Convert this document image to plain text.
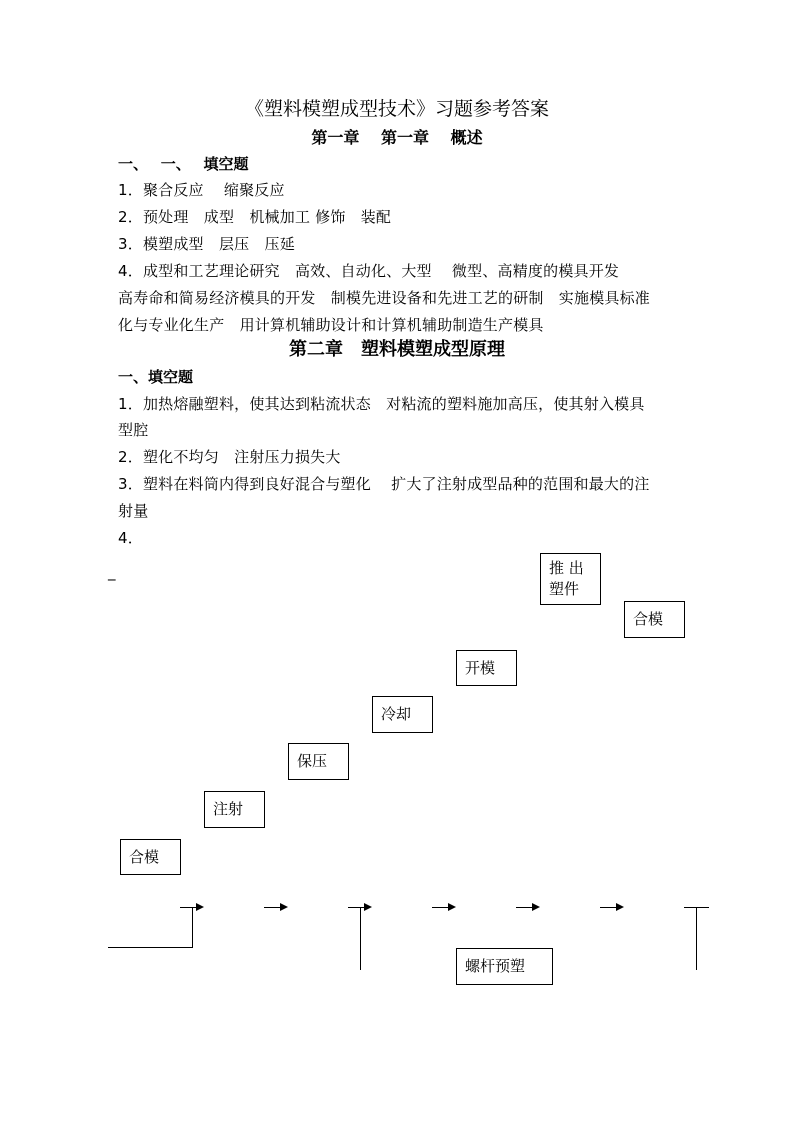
《塑料模塑成型技术》习题参考答案
第一章　 第一章　 概述
一、　 一、　 填空题
1．聚合反应　 缩聚反应
2．预处理　成型　机械加工 修饰　装配
3．模塑成型　层压　压延
4．成型和工艺理论研究　高效、自动化、大型　 微型、高精度的模具开发
高寿命和简易经济模具的开发　制模先进设备和先进工艺的研制　实施模具标准
化与专业化生产　用计算机辅助设计和计算机辅助制造生产模具
第二章　塑料模塑成型原理
一、填空题
1．加热熔融塑料，使其达到粘流状态　对粘流的塑料施加高压，使其射入模具
型腔
2．塑化不均匀　注射压力损失大
3．塑料在料筒内得到良好混合与塑化　 扩大了注射成型品种的范围和最大的注
射量
4．
_	推 出
塑件
合模
开模
冷却
保压
注射
合模
螺杆预塑
